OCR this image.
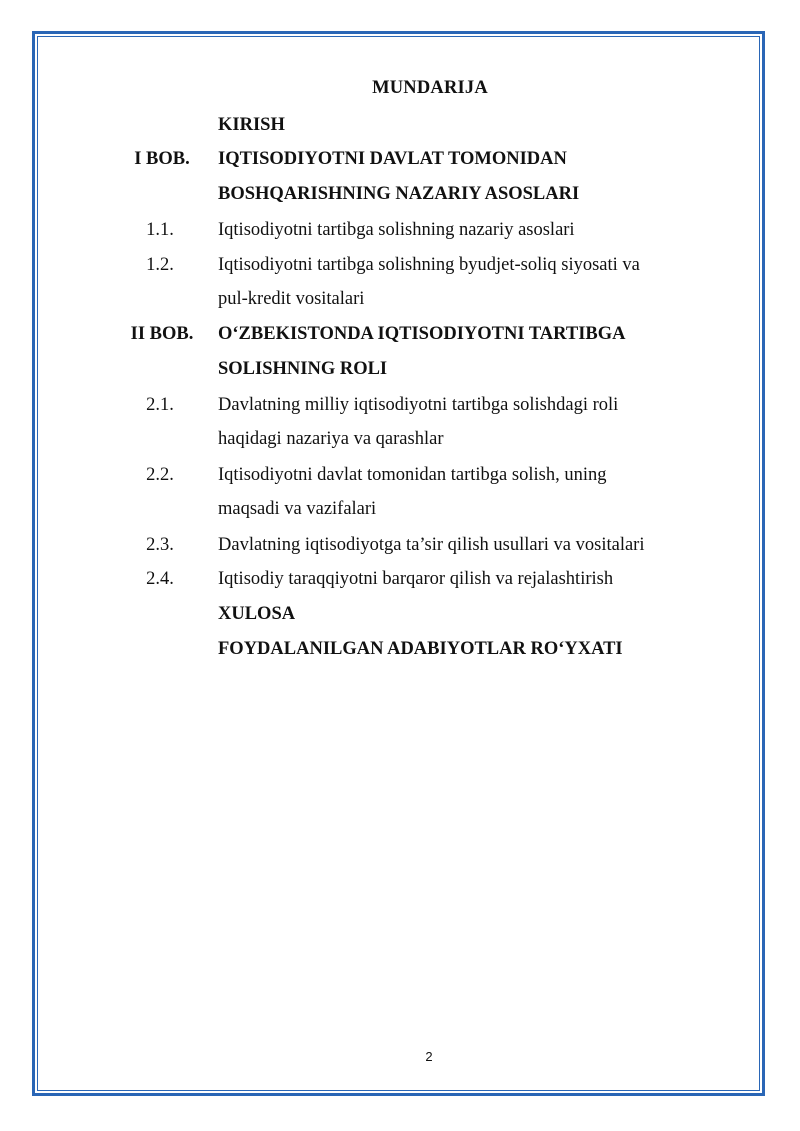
MUNDARIJA
KIRISH
I BOB.	IQTISODIYOTNI DAVLAT TOMONIDAN
BOSHQARISHNING NAZARIY ASOSLARI
1.1.	Iqtisodiyotni tartibga solishning nazariy asoslari
1.2.	Iqtisodiyotni tartibga solishning byudjet-soliq siyosati va
pul-kredit vositalari
II BOB.	O‘ZBEKISTONDA IQTISODIYOTNI TARTIBGA
SOLISHNING ROLI
2.1.	Davlatning milliy iqtisodiyotni tartibga solishdagi roli
haqidagi nazariya va qarashlar
2.2.	Iqtisodiyotni davlat tomonidan tartibga solish, uning
maqsadi va vazifalari
2.3.	Davlatning iqtisodiyotga ta’sir qilish usullari va vositalari
2.4.	Iqtisodiy taraqqiyotni barqaror qilish va rejalashtirish
XULOSA
FOYDALANILGAN ADABIYOTLAR RO‘YXATI
2
